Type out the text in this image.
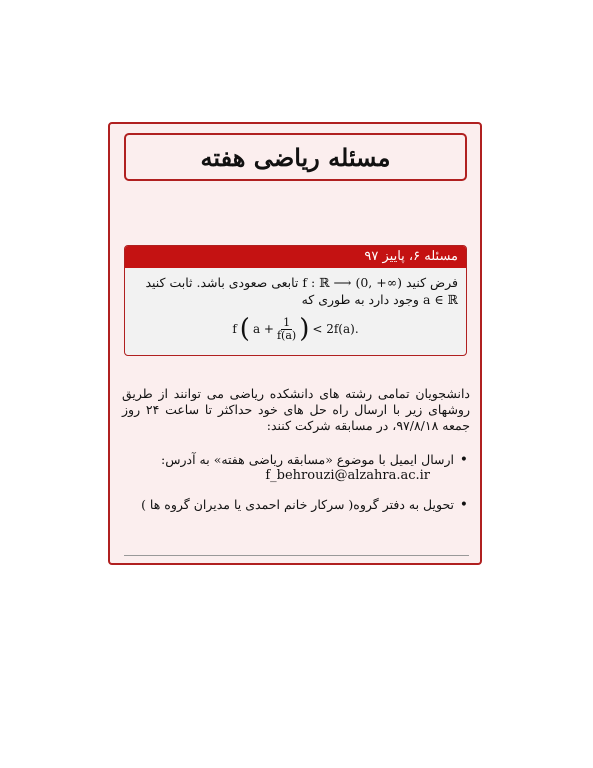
مسئله ریاضی هفته
مسئله ۶، پاییز ۹۷
فرض کنید f : ℝ ⟶ (0, +∞) تابعی صعودی باشد. ثابت کنید
a ∈ ℝ وجود دارد به طوری که
f ( $a + \frac{1}{f(a)}$ ) < 2f(a).
دانشجویان تمامی رشته های دانشکده ریاضی می توانند از طریق روشهای زیر با ارسال راه حل های خود حداکثر تا ساعت ۲۴ روز جمعه ۹۷/۸/۱۸، در مسابقه شرکت کنند:
• ارسال ایمیل با موضوع «مسابقه ریاضی هفته» به آدرس:
f_behrouzi@alzahra.ac.ir
• تحویل به دفتر گروه( سرکار خانم احمدی یا مدیران گروه ها )
